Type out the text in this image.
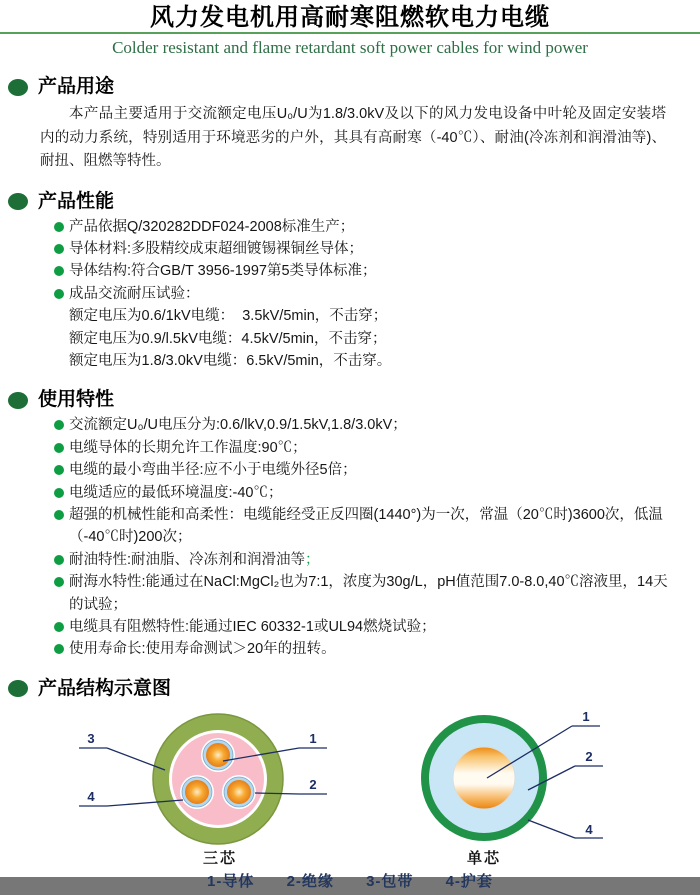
风力发电机用高耐寒阻燃软电力电缆
Colder resistant and flame retardant soft power cables for wind power
产品用途

本产品主要适用于交流额定电压U₀/U为1.8/3.0kV及以下的风力发电设备中叶轮及固定安装塔内的动力系统，特别适用于环境恶劣的户外，其具有高耐寒（-40℃）、耐油(冷冻剂和润滑油等)、耐扭、阻燃等特性。

产品性能
产品依据Q/320282DDF024-2008标准生产；
导体材料:多股精绞成束超细镀锡裸铜丝导体；
导体结构:符合GB/T 3956-1997第5类导体标准；
成品交流耐压试验：
额定电压为0.6/1kV电缆：  3.5kV/5min，不击穿；
额定电压为0.9/l.5kV电缆：4.5kV/5min，不击穿；
额定电压为1.8/3.0kV电缆：6.5kV/5min，不击穿。
使用特性
交流额定U₀/U电压分为:0.6/lkV,0.9/1.5kV,1.8/3.0kV；
电缆导体的长期允许工作温度:90℃；
电缆的最小弯曲半径:应不小于电缆外径5倍；
电缆适应的最低环境温度:-40℃；
超强的机械性能和高柔性：电缆能经受正反四圈(1440°)为一次，常温（20℃时)3600次，低温（-40℃时)200次；
耐油特性:耐油脂、冷冻剂和润滑油等；
耐海水特性:能通过在NaCl:MgCl₂也为7:1，浓度为30g/L，pH值范围7.0-8.0,40℃溶液里，14天的试验；
电缆具有阻燃特性:能通过IEC 60332-1或UL94燃烧试验；
使用寿命长:使用寿命测试＞20年的扭转。
产品结构示意图
3
4
1
2
1
2
4
三芯	单芯
1-导体 2-绝缘 3-包带 4-护套
